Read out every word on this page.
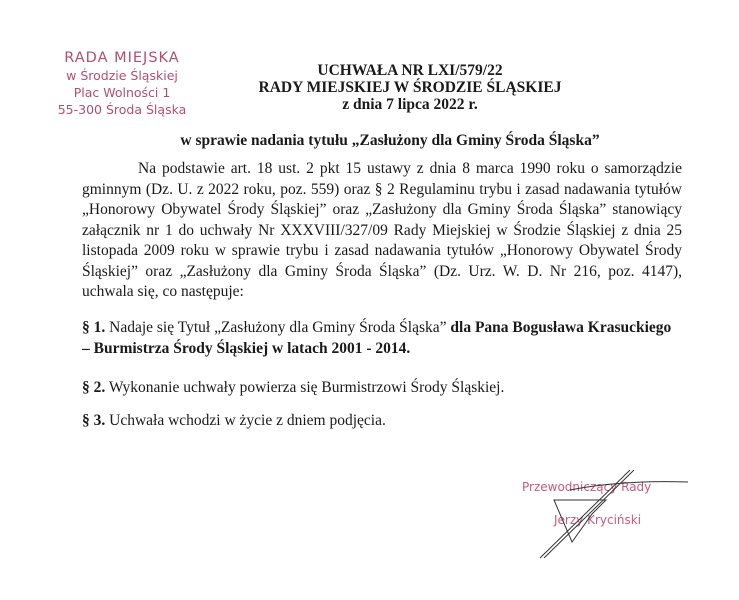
RADA MIEJSKA
w Środzie Śląskiej
Plac Wolności 1
55-300 Środa Śląska
UCHWAŁA NR LXI/579/22
RADY MIEJSKIEJ W ŚRODZIE ŚLĄSKIEJ
z dnia 7 lipca 2022 r.
w sprawie nadania tytułu „Zasłużony dla Gminy Środa Śląska”

Na podstawie art. 18 ust. 2 pkt 15 ustawy z dnia 8 marca 1990 roku o samorządzie gminnym (Dz. U. z 2022 roku, poz. 559) oraz § 2 Regulaminu trybu i zasad nadawania tytułów „Honorowy Obywatel Środy Śląskiej” oraz „Zasłużony dla Gminy Środa Śląska” stanowiący załącznik nr 1 do uchwały Nr XXXVIII/327/09 Rady Miejskiej w Środzie Śląskiej z dnia 25 listopada 2009 roku w sprawie trybu i zasad nadawania tytułów „Honorowy Obywatel Środy Śląskiej” oraz „Zasłużony dla Gminy Środa Śląska” (Dz. Urz. W. D. Nr 216, poz. 4147), uchwala się, co następuje:

§ 1. Nadaje się Tytuł „Zasłużony dla Gminy Środa Śląska” dla Pana Bogusława Krasuckiego – Burmistrza Środy Śląskiej w latach 2001 - 2014.
§ 2. Wykonanie uchwały powierza się Burmistrzowi Środy Śląskiej.
§ 3. Uchwała wchodzi w życie z dniem podjęcia.
Przewodniczący Rady
Jerzy Kryciński
